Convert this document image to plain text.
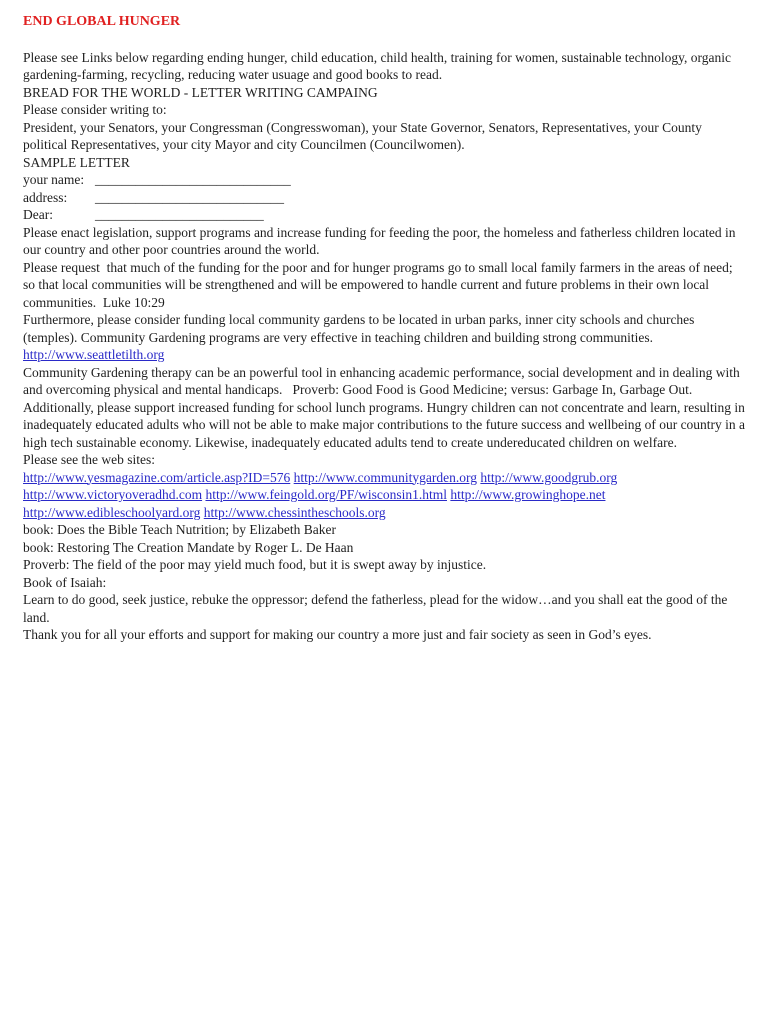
END GLOBAL HUNGER

Please see Links below regarding ending hunger, child education, child health, training for women, sustainable technology, organic gardening-farming, recycling, reducing water usuage and good books to read.

BREAD FOR THE WORLD - LETTER WRITING CAMPAING

Please consider writing to:
President, your Senators, your Congressman (Congresswoman), your State Governor, Senators, Representatives, your County political Representatives, your city Mayor and city Councilmen (Councilwomen).

SAMPLE LETTER

your name: _____________________________
address: ____________________________
Dear:	_________________________

Please enact legislation, support programs and increase funding for feeding the poor, the homeless and fatherless children located in our country and other poor countries around the world.

Please request  that much of the funding for the poor and for hunger programs go to small local family farmers in the areas of need; so that local communities will be strengthened and will be empowered to handle current and future problems in their own local communities.  Luke 10:29

Furthermore, please consider funding local community gardens to be located in urban parks, inner city schools and churches (temples). Community Gardening programs are very effective in teaching children and building strong communities.    http://www.seattletilth.org

Community Gardening therapy can be an powerful tool in enhancing academic performance, social development and in dealing with and overcoming physical and mental handicaps.   Proverb: Good Food is Good Medicine; versus: Garbage In, Garbage Out.

Additionally, please support increased funding for school lunch programs. Hungry children can not concentrate and learn, resulting in inadequately educated adults who will not be able to make major contributions to the future success and wellbeing of our country in a high tech sustainable economy. Likewise, inadequately educated adults tend to create undereducated children on welfare.

Please see the web sites:
http://www.yesmagazine.com/article.asp?ID=576 http://www.communitygarden.org http://www.goodgrub.org
http://www.victoryoveradhd.com http://www.feingold.org/PF/wisconsin1.html http://www.growinghope.net
http://www.edibleschoolyard.org http://www.chessintheschools.org
book: Does the Bible Teach Nutrition; by Elizabeth Baker
book: Restoring The Creation Mandate by Roger L. De Haan

Proverb: The field of the poor may yield much food, but it is swept away by injustice.

Book of Isaiah:
Learn to do good, seek justice, rebuke the oppressor; defend the fatherless, plead for the widow…and you shall eat the good of the land.

Thank you for all your efforts and support for making our country a more just and fair society as seen in God’s eyes.
